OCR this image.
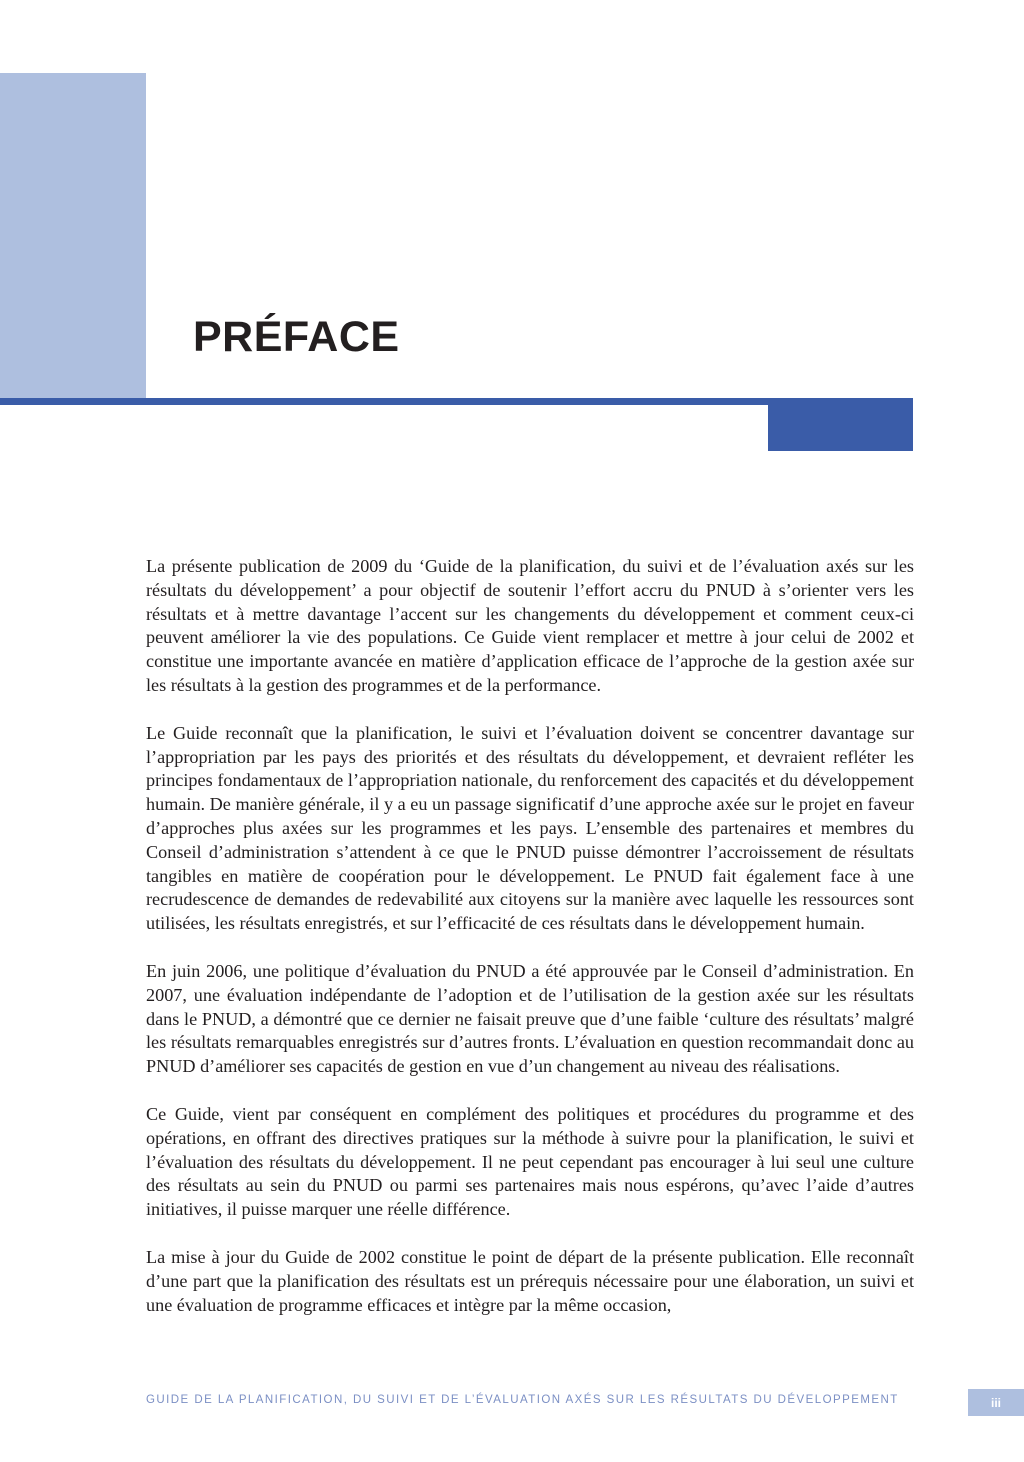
PRÉFACE

La présente publication de 2009 du ‘Guide de la planification, du suivi et de l’évaluation axés sur les résultats du développement’ a pour objectif de soutenir l’effort accru du PNUD à s’orienter vers les résultats et à mettre davantage l’accent sur les changements du développement et comment ceux-ci peuvent améliorer la vie des populations. Ce Guide vient remplacer et mettre à jour celui de 2002 et constitue une importante avancée en matière d’application efficace de l’approche de la gestion axée sur les résultats à la gestion des programmes et de la performance.

Le Guide reconnaît que la planification, le suivi et l’évaluation doivent se concentrer davantage sur l’appropriation par les pays des priorités et des résultats du développement, et devraient refléter les principes fondamentaux de l’appropriation nationale, du renforcement des capacités et du développement humain. De manière générale, il y a eu un passage significatif d’une approche axée sur le projet en faveur d’approches plus axées sur les programmes et les pays. L’ensemble des partenaires et membres du Conseil d’administration s’attendent à ce que le PNUD puisse démontrer l’accroissement de résultats tangibles en matière de coopération pour le développement. Le PNUD fait également face à une recrudescence de demandes de redevabilité aux citoyens sur la manière avec laquelle les ressources sont utilisées, les résultats enregistrés, et sur l’efficacité de ces résultats dans le développement humain.

En juin 2006, une politique d’évaluation du PNUD a été approuvée par le Conseil d’administration. En 2007, une évaluation indépendante de l’adoption et de l’utilisation de la gestion axée sur les résultats dans le PNUD, a démontré que ce dernier ne faisait preuve que d’une faible ‘culture des résultats’ malgré les résultats remarquables enregistrés sur d’autres fronts. L’évaluation en question recommandait donc au PNUD d’améliorer ses capacités de gestion en vue d’un changement au niveau des réalisations.

Ce Guide, vient par conséquent en complément des politiques et procédures du programme et des opérations, en offrant des directives pratiques sur la méthode à suivre pour la planification, le suivi et l’évaluation des résultats du développement. Il ne peut cependant pas encourager à lui seul une culture des résultats au sein du PNUD ou parmi ses partenaires mais nous espérons, qu’avec l’aide d’autres initiatives, il puisse marquer une réelle différence.

La mise à jour du Guide de 2002 constitue le point de départ de la présente publication. Elle reconnaît d’une part que la planification des résultats est un prérequis nécessaire pour une élaboration, un suivi et une évaluation de programme efficaces et intègre par la même occasion,

GUIDE DE LA PLANIFICATION, DU SUIVI ET DE L’ÉVALUATION AXÉS SUR LES RÉSULTATS DU DÉVELOPPEMENT	iii
